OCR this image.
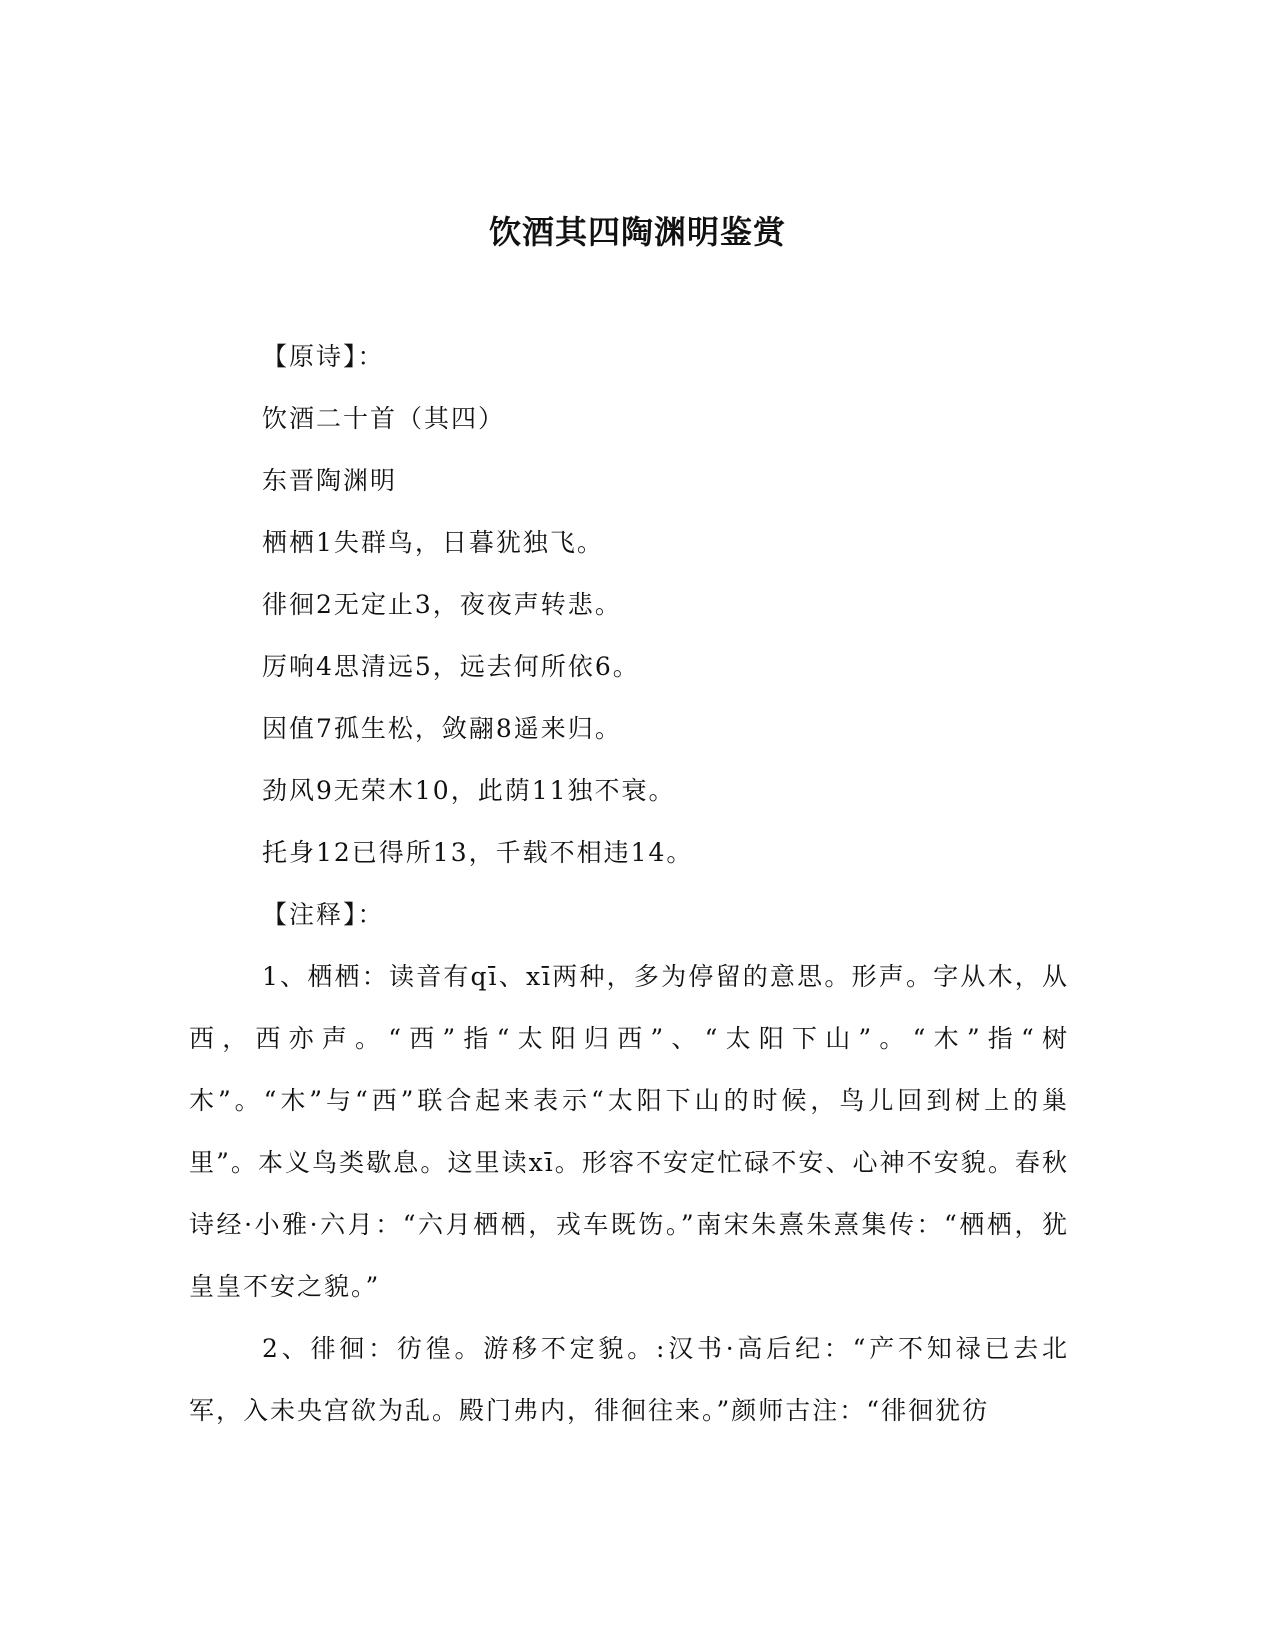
饮酒其四陶渊明鉴赏
【原诗】：
饮酒二十首（其四）
东晋陶渊明
栖栖1失群鸟，日暮犹独飞。
徘徊2无定止3，夜夜声转悲。
厉响4思清远5，远去何所依6。
因值7孤生松，敛翮8遥来归。
劲风9无荣木10，此荫11独不衰。
托身12已得所13，千载不相违14。
【注释】：

1、栖栖：读音有qī、xī两种，多为停留的意思。形声。字从木，从西，西亦声。“西”指“太阳归西”、“太阳下山”。“木”指“树木”。“木”与“西”联合起来表示“太阳下山的时候，鸟儿回到树上的巢里”。本义鸟类歇息。这里读xī。形容不安定忙碌不安、心神不安貌。春秋诗经·小雅·六月：“六月栖栖，戎车既饬。”南宋朱熹朱熹集传：“栖栖，犹皇皇不安之貌。”

2、徘徊：彷徨。游移不定貌。:汉书·高后纪：“产不知禄已去北军，入未央宫欲为乱。殿门弗内，徘徊往来。”颜师古注：“徘徊犹彷
